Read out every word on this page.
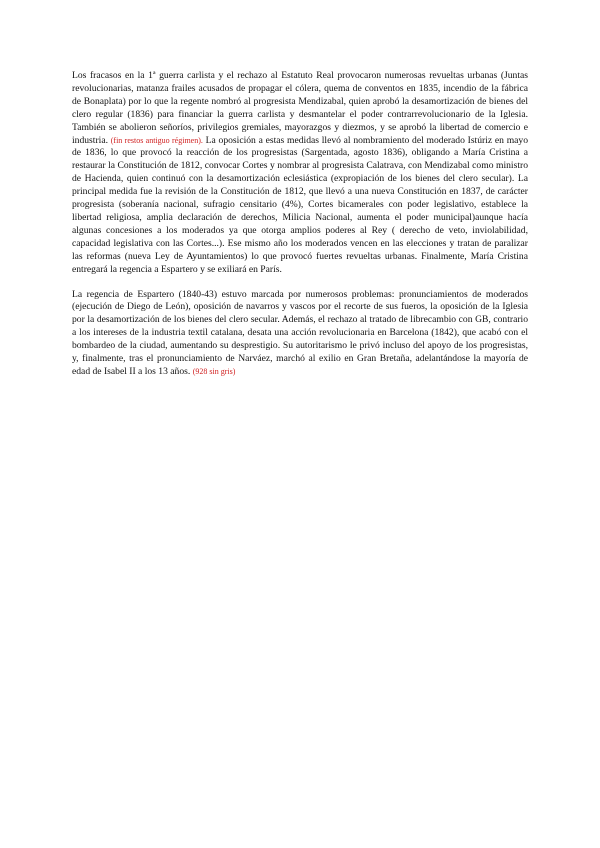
Los fracasos en la 1ª guerra carlista y el rechazo al Estatuto Real provocaron numerosas revueltas urbanas (Juntas revolucionarias, matanza frailes acusados de propagar el cólera, quema de conventos en 1835, incendio de la fábrica de Bonaplata) por lo que la regente nombró al progresista Mendizabal, quien aprobó la desamortización de bienes del clero regular (1836) para financiar la guerra carlista y desmantelar el poder contrarrevolucionario de la Iglesia. También se abolieron señoríos, privilegios gremiales, mayorazgos y diezmos, y se aprobó la libertad de comercio e industria. (fin restos antiguo régimen). La oposición a estas medidas llevó al nombramiento del moderado Istúriz en mayo de 1836, lo que provocó la reacción de los progresistas (Sargentada, agosto 1836), obligando a María Cristina a restaurar la Constitución de 1812, convocar Cortes y nombrar al progresista Calatrava, con Mendizabal como ministro de Hacienda, quien continuó con la desamortización eclesiástica (expropiación de los bienes del clero secular). La principal medida fue la revisión de la Constitución de 1812, que llevó a una nueva Constitución en 1837, de carácter progresista (soberanía nacional, sufragio censitario (4%), Cortes bicamerales con poder legislativo, establece la libertad religiosa, amplia declaración de derechos, Milicia Nacional, aumenta el poder municipal)aunque hacía algunas concesiones a los moderados ya que otorga amplios poderes al Rey ( derecho de veto, inviolabilidad, capacidad legislativa con las Cortes...). Ese mismo año los moderados vencen en las elecciones y tratan de paralizar las reformas (nueva Ley de Ayuntamientos) lo que provocó fuertes revueltas urbanas. Finalmente, María Cristina entregará la regencia a Espartero y se exiliará en París.

La regencia de Espartero (1840-43) estuvo marcada por numerosos problemas: pronunciamientos de moderados (ejecución de Diego de León), oposición de navarros y vascos por el recorte de sus fueros, la oposición de la Iglesia por la desamortización de los bienes del clero secular. Además, el rechazo al tratado de librecambio con GB, contrario a los intereses de la industria textil catalana, desata una acción revolucionaria en Barcelona (1842), que acabó con el bombardeo de la ciudad, aumentando su desprestigio. Su autoritarismo le privó incluso del apoyo de los progresistas, y, finalmente, tras el pronunciamiento de Narváez, marchó al exilio en Gran Bretaña, adelantándose la mayoría de edad de Isabel II a los 13 años. (928 sin gris)
